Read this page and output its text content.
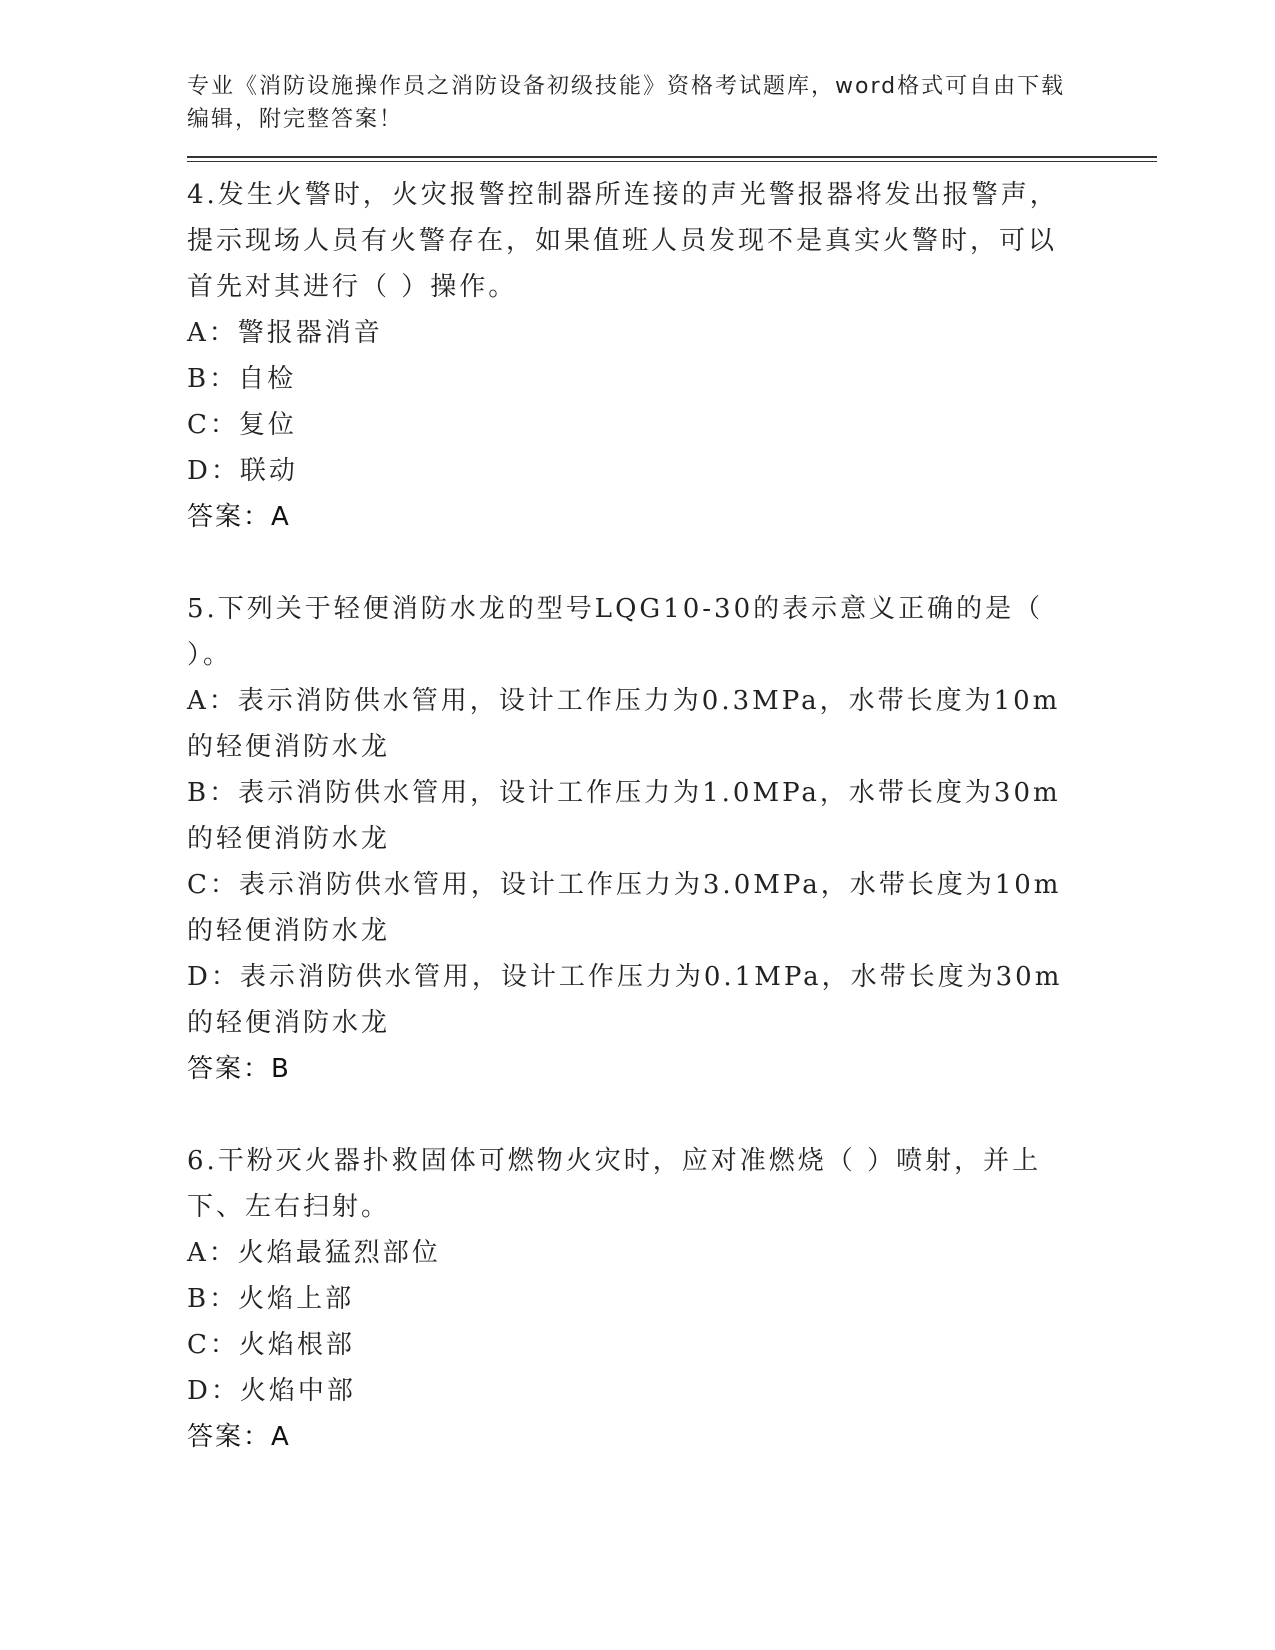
专业《消防设施操作员之消防设备初级技能》资格考试题库，word格式可自由下载编辑，附完整答案！
4.发生火警时，火灾报警控制器所连接的声光警报器将发出报警声，提示现场人员有火警存在，如果值班人员发现不是真实火警时，可以首先对其进行（ ）操作。
A：警报器消音
B：自检
C：复位
D：联动
答案：A
5.下列关于轻便消防水龙的型号LQG10-30的表示意义正确的是（ ）。
A：表示消防供水管用，设计工作压力为0.3MPa，水带长度为10m的轻便消防水龙
B：表示消防供水管用，设计工作压力为1.0MPa，水带长度为30m的轻便消防水龙
C：表示消防供水管用，设计工作压力为3.0MPa，水带长度为10m的轻便消防水龙
D：表示消防供水管用，设计工作压力为0.1MPa，水带长度为30m的轻便消防水龙
答案：B
6.干粉灭火器扑救固体可燃物火灾时，应对准燃烧（ ）喷射，并上下、左右扫射。
A：火焰最猛烈部位
B：火焰上部
C：火焰根部
D：火焰中部
答案：A
